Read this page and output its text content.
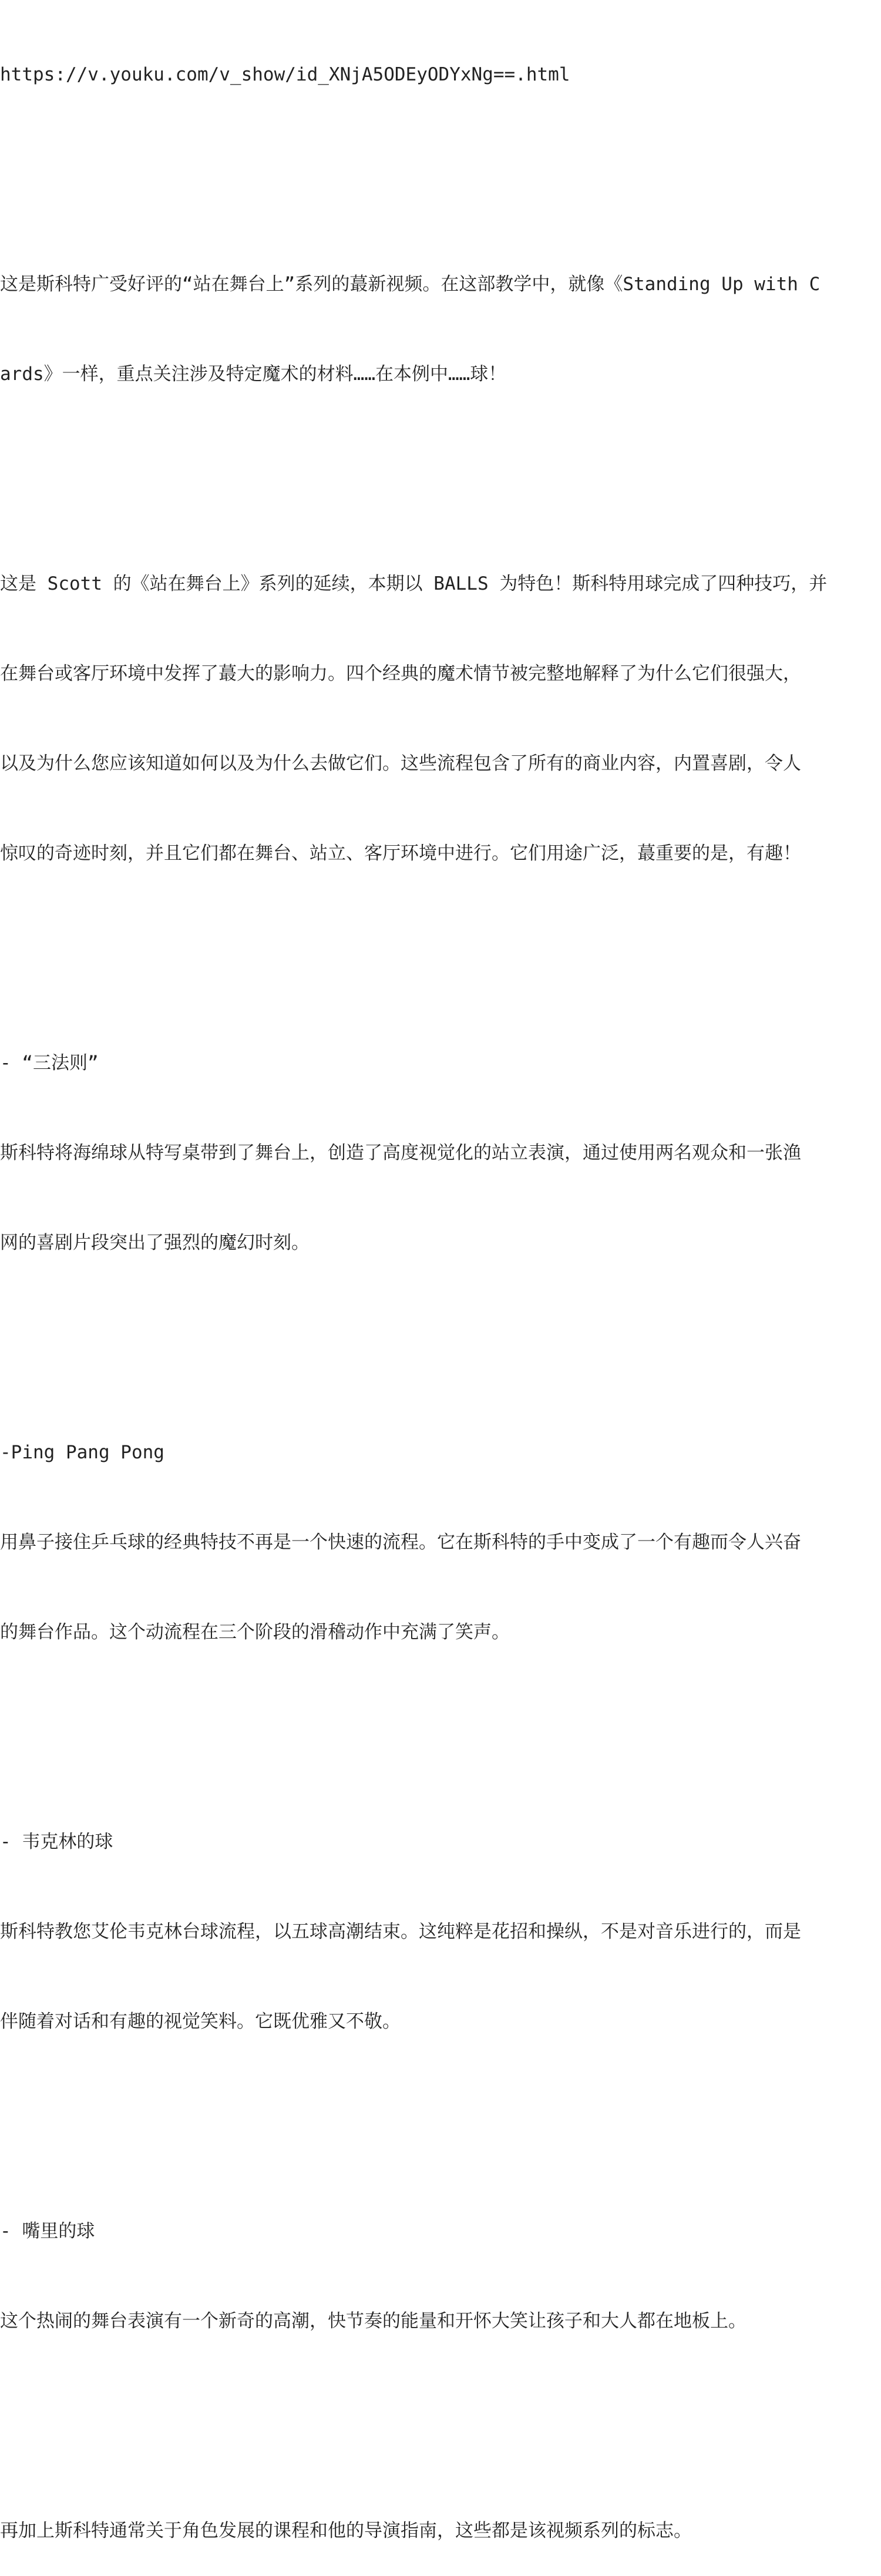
https://v.youku.com/v_show/id_XNjA5ODEyODYxNg==.html

这是斯科特广受好评的“站在舞台上”系列的蕞新视频。在这部教学中，就像《Standing Up with C

ards》一样，重点关注涉及特定魔术的材料……在本例中……球！

这是 Scott 的《站在舞台上》系列的延续，本期以 BALLS 为特色！斯科特用球完成了四种技巧，并

在舞台或客厅环境中发挥了蕞大的影响力。四个经典的魔术情节被完整地解释了为什么它们很强大，

以及为什么您应该知道如何以及为什么去做它们。这些流程包含了所有的商业内容，内置喜剧，令人

惊叹的奇迹时刻，并且它们都在舞台、站立、客厅环境中进行。它们用途广泛，蕞重要的是，有趣！

- “三法则”

斯科特将海绵球从特写桌带到了舞台上，创造了高度视觉化的站立表演，通过使用两名观众和一张渔

网的喜剧片段突出了强烈的魔幻时刻。

-Ping Pang Pong

用鼻子接住乒乓球的经典特技不再是一个快速的流程。它在斯科特的手中变成了一个有趣而令人兴奋

的舞台作品。这个动流程在三个阶段的滑稽动作中充满了笑声。

- 韦克林的球

斯科特教您艾伦韦克林台球流程，以五球高潮结束。这纯粹是花招和操纵，不是对音乐进行的，而是

伴随着对话和有趣的视觉笑料。它既优雅又不敬。

- 嘴里的球

这个热闹的舞台表演有一个新奇的高潮，快节奏的能量和开怀大笑让孩子和大人都在地板上。

再加上斯科特通常关于角色发展的课程和他的导演指南，这些都是该视频系列的标志。
